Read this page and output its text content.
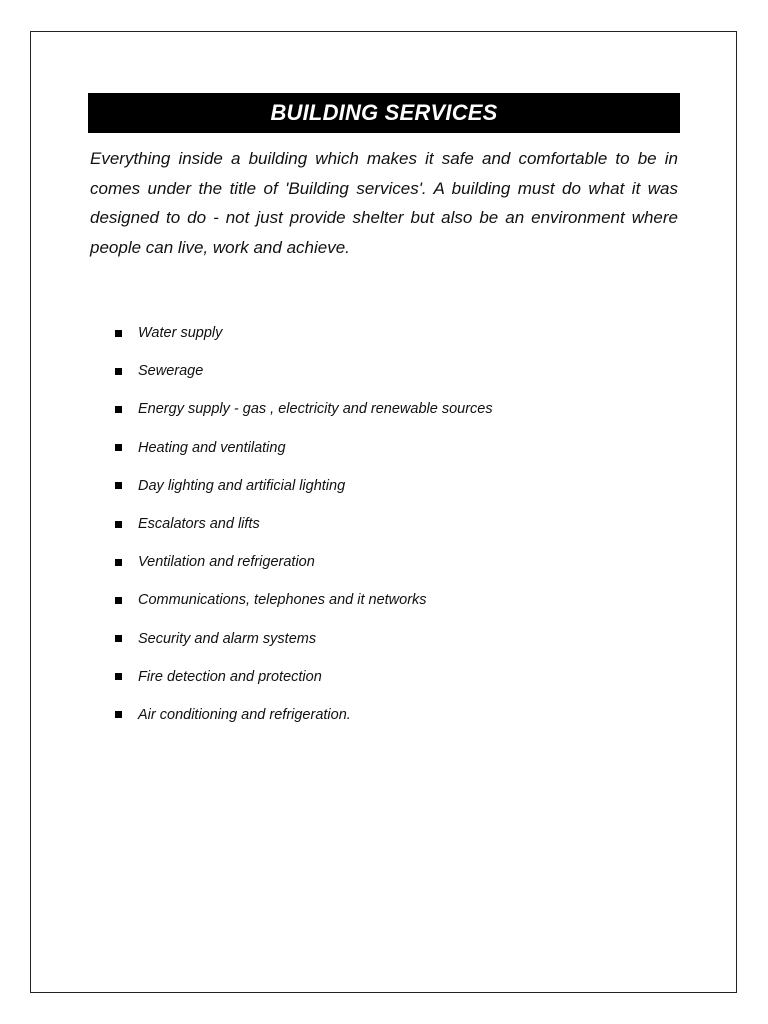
BUILDING SERVICES

Everything inside a building which makes it safe and comfortable to be in comes under the title of 'Building services'. A building must do what it was designed to do - not just provide shelter but also be an environment where people can live, work and achieve.

Water supply
Sewerage
Energy supply - gas , electricity and renewable sources
Heating and ventilating
Day lighting and artificial lighting
Escalators and lifts
Ventilation and refrigeration
Communications, telephones and it networks
Security and alarm systems
Fire detection and protection
Air conditioning and refrigeration.
